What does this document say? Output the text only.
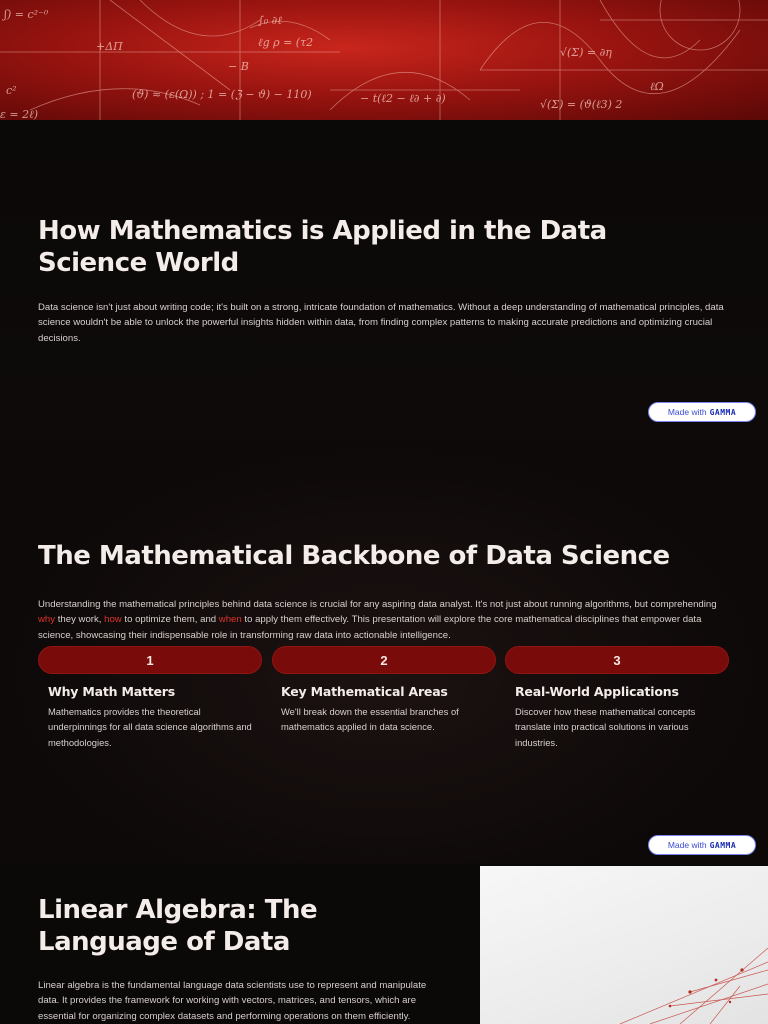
ʃ) = c²⁻⁰	∫₀ ∂ℓ
ℓg ρ = (τ2
+ΔΠ
c²	(ϑ) ≈ (ε(Ω)) ; 1 = (ℨ − ϑ) − 110)
− B
− t(ℓ2 − ℓ∂ + ∂)	√(Σ) = (ϑ(ℓ3) 2
√(Σ) = ∂η
ε = 2ℓ)
ℓΩ
How Mathematics is Applied in the Data Science World

Data science isn't just about writing code; it's built on a strong, intricate foundation of mathematics. Without a deep understanding of mathematical principles, data science wouldn't be able to unlock the powerful insights hidden within data, from finding complex patterns to making accurate predictions and optimizing crucial decisions.

Made with GAMMA
The Mathematical Backbone of Data Science

Understanding the mathematical principles behind data science is crucial for any aspiring data analyst. It's not just about running algorithms, but comprehending why they work, how to optimize them, and when to apply them effectively. This presentation will explore the core mathematical disciplines that empower data science, showcasing their indispensable role in transforming raw data into actionable intelligence.

1	2	3
Why Math Matters	Key Mathematical Areas	Real-World Applications
Mathematics provides the theoretical underpinnings for all data science algorithms and methodologies.
We'll break down the essential branches of mathematics applied in data science.
Discover how these mathematical concepts translate into practical solutions in various industries.
Made with GAMMA
Linear Algebra: The Language of Data

Linear algebra is the fundamental language data scientists use to represent and manipulate data. It provides the framework for working with vectors, matrices, and tensors, which are essential for organizing complex datasets and performing operations on them efficiently.
